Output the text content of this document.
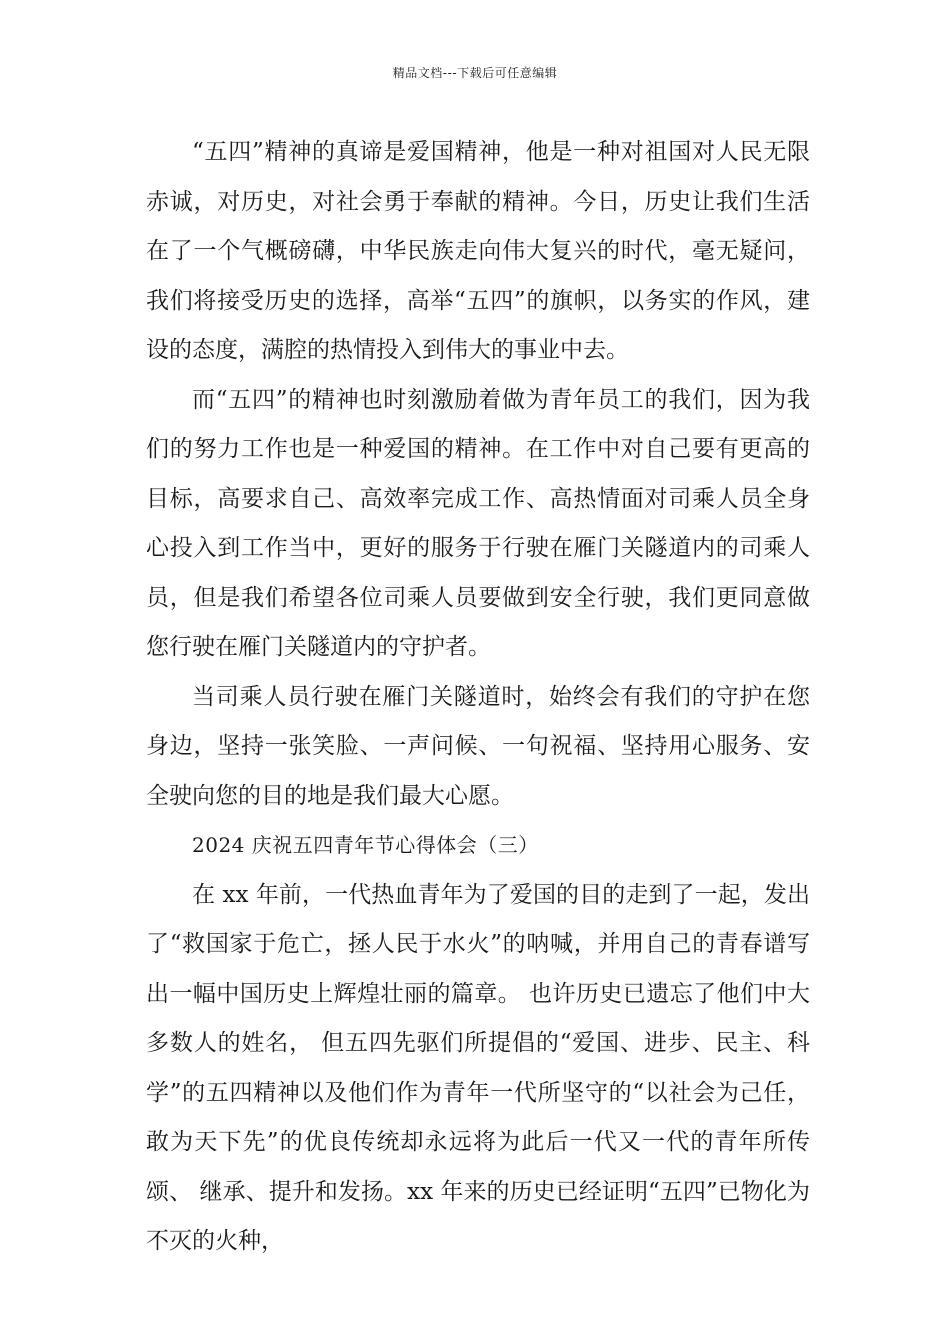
精品文档---下载后可任意编辑

“五四”精神的真谛是爱国精神，他是一种对祖国对人民无限赤诚，对历史，对社会勇于奉献的精神。今日，历史让我们生活在了一个气概磅礴，中华民族走向伟大复兴的时代，毫无疑问，我们将接受历史的选择，高举“五四”的旗帜，以务实的作风，建设的态度，满腔的热情投入到伟大的事业中去。

而“五四”的精神也时刻激励着做为青年员工的我们，因为我们的努力工作也是一种爱国的精神。在工作中对自己要有更高的目标，高要求自己、高效率完成工作、高热情面对司乘人员全身心投入到工作当中，更好的服务于行驶在雁门关隧道内的司乘人员，但是我们希望各位司乘人员要做到安全行驶，我们更同意做您行驶在雁门关隧道内的守护者。

当司乘人员行驶在雁门关隧道时，始终会有我们的守护在您身边，坚持一张笑脸、一声问候、一句祝福、坚持用心服务、安全驶向您的目的地是我们最大心愿。

2024 庆祝五四青年节心得体会（三）

在 xx 年前，一代热血青年为了爱国的目的走到了一起，发出了“救国家于危亡，拯人民于水火”的呐喊，并用自己的青春谱写出一幅中国历史上辉煌壮丽的篇章。 也许历史已遗忘了他们中大多数人的姓名， 但五四先驱们所提倡的“爱国、进步、民主、科学”的五四精神以及他们作为青年一代所坚守的“以社会为己任， 敢为天下先”的优良传统却永远将为此后一代又一代的青年所传颂、 继承、提升和发扬。xx 年来的历史已经证明“五四”已物化为不灭的火种，
